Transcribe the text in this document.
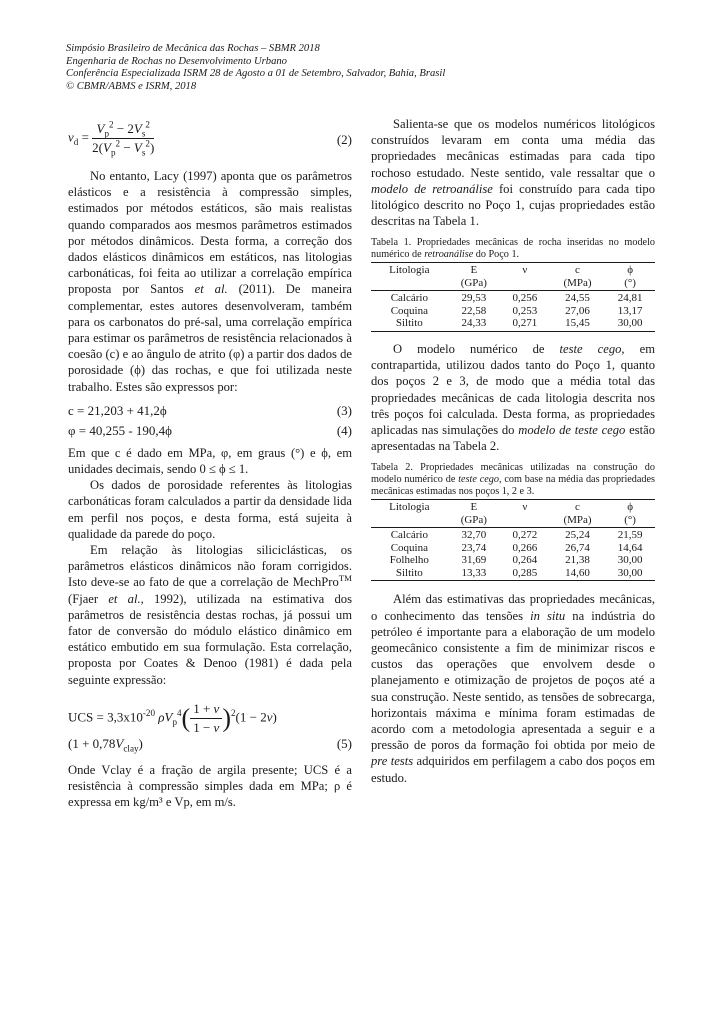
Simpósio Brasileiro de Mecânica das Rochas – SBMR 2018
Engenharia de Rochas no Desenvolvimento Urbano
Conferência Especializada ISRM 28 de Agosto a 01 de Setembro, Salvador, Bahia, Brasil
© CBMR/ABMS e ISRM, 2018
$\nu_d = \frac{V_p^2 - 2V_s^2}{2(V_p^2 - V_s^2)}$	(2)

No entanto, Lacy (1997) aponta que os parâmetros elásticos e a resistência à compressão simples, estimados por métodos estáticos, são mais realistas quando comparados aos mesmos parâmetros estimados por métodos dinâmicos. Desta forma, a correção dos dados elásticos dinâmicos em estáticos, nas litologias carbonáticas, foi feita ao utilizar a correlação empírica proposta por Santos et al. (2011). De maneira complementar, estes autores desenvolveram, também para os carbonatos do pré-sal, uma correlação empírica para estimar os parâmetros de resistência relacionados à coesão (c) e ao ângulo de atrito (φ) a partir dos dados de porosidade (ϕ) das rochas, e que foi utilizada neste trabalho. Estes são expressos por:

c = 21,203 + 41,2ϕ	(3)
φ = 40,255 - 190,4ϕ	(4)

Em que c é dado em MPa, φ, em graus (°) e ϕ, em unidades decimais, sendo 0 ≤ ϕ ≤ 1.

Os dados de porosidade referentes às litologias carbonáticas foram calculados a partir da densidade lida em perfil nos poços, e desta forma, está sujeita à qualidade da parede do poço.

Em relação às litologias siliciclásticas, os parâmetros elásticos dinâmicos não foram corrigidos. Isto deve-se ao fato de que a correlação de MechPro™ (Fjaer et al., 1992), utilizada na estimativa dos parâmetros de resistência destas rochas, já possui um fator de conversão do módulo elástico dinâmico em estático embutido em sua formulação. Esta correlação, proposta por Coates & Denoo (1981) é dada pela seguinte expressão:

UCS = $3,3x10^{-20}$ $\rho V_p^4( \frac{1 + \nu}{1 - \nu} )^2(1 - 2\nu)$
$(1 + 0,78V_{clay})$	(5)

Onde Vclay é a fração de argila presente; UCS é a resistência à compressão simples dada em MPa; ρ é expressa em kg/m³ e Vp, em m/s.

Salienta-se que os modelos numéricos litológicos construídos levaram em conta uma média das propriedades mecânicas estimadas para cada tipo rochoso estudado. Neste sentido, vale ressaltar que o modelo de retroanálise foi construído para cada tipo litológico descrito no Poço 1, cujas propriedades estão descritas na Tabela 1.

Tabela 1. Propriedades mecânicas de rocha inseridas no modelo numérico de retroanálise do Poço 1.

Litologia	E	ν	c	ϕ
	(GPa)		(MPa)	(°)
Calcário	29,53	0,256	24,55	24,81
Coquina	22,58	0,253	27,06	13,17
Siltito	24,33	0,271	15,45	30,00

O modelo numérico de teste cego, em contrapartida, utilizou dados tanto do Poço 1, quanto dos poços 2 e 3, de modo que a média total das propriedades mecânicas de cada litologia descrita nos três poços foi calculada. Desta forma, as propriedades aplicadas nas simulações do modelo de teste cego estão apresentadas na Tabela 2.

Tabela 2. Propriedades mecânicas utilizadas na construção do modelo numérico de teste cego, com base na média das propriedades mecânicas estimadas nos poços 1, 2 e 3.

Litologia	E	ν	c	ϕ
	(GPa)		(MPa)	(°)
Calcário	32,70	0,272	25,24	21,59
Coquina	23,74	0,266	26,74	14,64
Folhelho	31,69	0,264	21,38	30,00
Siltito	13,33	0,285	14,60	30,00

Além das estimativas das propriedades mecânicas, o conhecimento das tensões in situ na indústria do petróleo é importante para a elaboração de um modelo geomecânico consistente a fim de minimizar riscos e custos das operações que envolvem desde o planejamento e otimização de projetos de poços até a sua construção. Neste sentido, as tensões de sobrecarga, horizontais máxima e mínima foram estimadas de acordo com a metodologia apresentada a seguir e a pressão de poros da formação foi obtida por meio de pre tests adquiridos em perfilagem a cabo dos poços em estudo.
